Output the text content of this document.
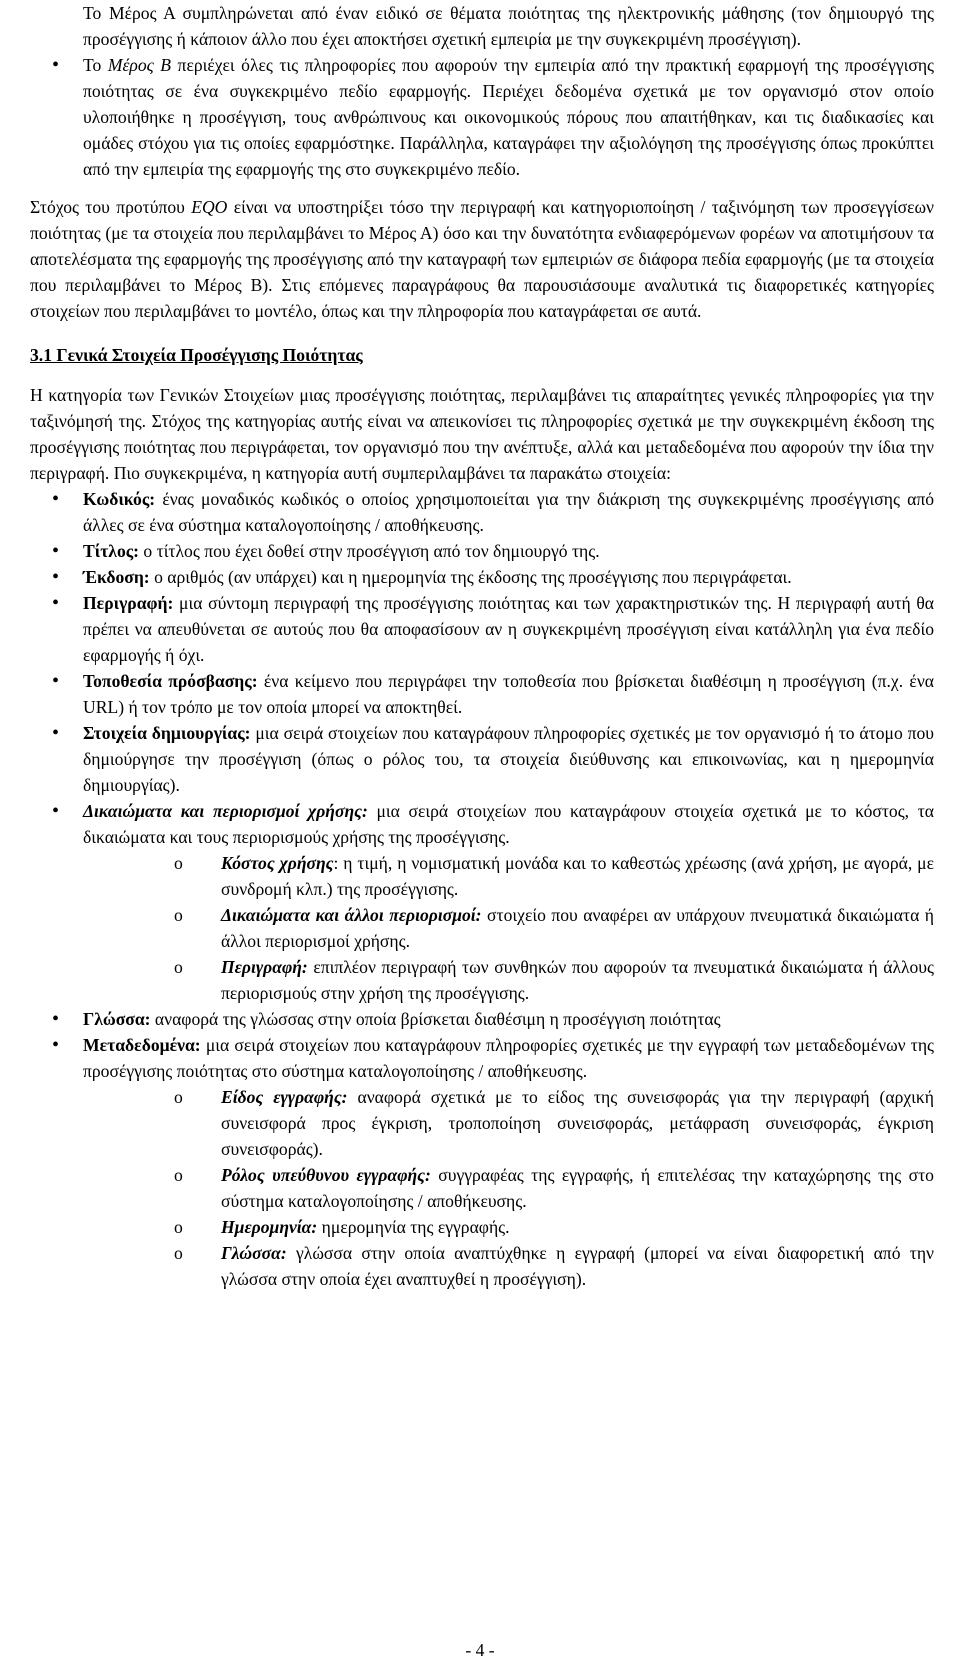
Το Μέρος Α συμπληρώνεται από έναν ειδικό σε θέματα ποιότητας της ηλεκτρονικής μάθησης (τον δημιουργό της προσέγγισης ή κάποιον άλλο που έχει αποκτήσει σχετική εμπειρία με την συγκεκριμένη προσέγγιση).

• Το Μέρος Β περιέχει όλες τις πληροφορίες που αφορούν την εμπειρία από την πρακτική εφαρμογή της προσέγγισης ποιότητας σε ένα συγκεκριμένο πεδίο εφαρμογής. Περιέχει δεδομένα σχετικά με τον οργανισμό στον οποίο υλοποιήθηκε η προσέγγιση, τους ανθρώπινους και οικονομικούς πόρους που απαιτήθηκαν, και τις διαδικασίες και ομάδες στόχου για τις οποίες εφαρμόστηκε. Παράλληλα, καταγράφει την αξιολόγηση της προσέγγισης όπως προκύπτει από την εμπειρία της εφαρμογής της στο συγκεκριμένο πεδίο.

Στόχος του προτύπου EQO είναι να υποστηρίξει τόσο την περιγραφή και κατηγοριοποίηση / ταξινόμηση των προσεγγίσεων ποιότητας (με τα στοιχεία που περιλαμβάνει το Μέρος Α) όσο και την δυνατότητα ενδιαφερόμενων φορέων να αποτιμήσουν τα αποτελέσματα της εφαρμογής της προσέγγισης από την καταγραφή των εμπειριών σε διάφορα πεδία εφαρμογής (με τα στοιχεία που περιλαμβάνει το Μέρος Β). Στις επόμενες παραγράφους θα παρουσιάσουμε αναλυτικά τις διαφορετικές κατηγορίες στοιχείων που περιλαμβάνει το μοντέλο, όπως και την πληροφορία που καταγράφεται σε αυτά.

3.1 Γενικά Στοιχεία Προσέγγισης Ποιότητας

Η κατηγορία των Γενικών Στοιχείων μιας προσέγγισης ποιότητας, περιλαμβάνει τις απαραίτητες γενικές πληροφορίες για την ταξινόμησή της. Στόχος της κατηγορίας αυτής είναι να απεικονίσει τις πληροφορίες σχετικά με την συγκεκριμένη έκδοση της προσέγγισης ποιότητας που περιγράφεται, τον οργανισμό που την ανέπτυξε, αλλά και μεταδεδομένα που αφορούν την ίδια την περιγραφή. Πιο συγκεκριμένα, η κατηγορία αυτή συμπεριλαμβάνει τα παρακάτω στοιχεία:

• Κωδικός: ένας μοναδικός κωδικός ο οποίος χρησιμοποιείται για την διάκριση της συγκεκριμένης προσέγγισης από άλλες σε ένα σύστημα καταλογοποίησης / αποθήκευσης.
• Τίτλος: ο τίτλος που έχει δοθεί στην προσέγγιση από τον δημιουργό της.
• Έκδοση: ο αριθμός (αν υπάρχει) και η ημερομηνία της έκδοσης της προσέγγισης που περιγράφεται.
• Περιγραφή: μια σύντομη περιγραφή της προσέγγισης ποιότητας και των χαρακτηριστικών της. Η περιγραφή αυτή θα πρέπει να απευθύνεται σε αυτούς που θα αποφασίσουν αν η συγκεκριμένη προσέγγιση είναι κατάλληλη για ένα πεδίο εφαρμογής ή όχι.
• Τοποθεσία πρόσβασης: ένα κείμενο που περιγράφει την τοποθεσία που βρίσκεται διαθέσιμη η προσέγγιση (π.χ. ένα URL) ή τον τρόπο με τον οποία μπορεί να αποκτηθεί.
• Στοιχεία δημιουργίας: μια σειρά στοιχείων που καταγράφουν πληροφορίες σχετικές με τον οργανισμό ή το άτομο που δημιούργησε την προσέγγιση (όπως ο ρόλος του, τα στοιχεία διεύθυνσης και επικοινωνίας, και η ημερομηνία δημιουργίας).
• Δικαιώματα και περιορισμοί χρήσης: μια σειρά στοιχείων που καταγράφουν στοιχεία σχετικά με το κόστος, τα δικαιώματα και τους περιορισμούς χρήσης της προσέγγισης.
o Κόστος χρήσης: η τιμή, η νομισματική μονάδα και το καθεστώς χρέωσης (ανά χρήση, με αγορά, με συνδρομή κλπ.) της προσέγγισης.
o Δικαιώματα και άλλοι περιορισμοί: στοιχείο που αναφέρει αν υπάρχουν πνευματικά δικαιώματα ή άλλοι περιορισμοί χρήσης.
o Περιγραφή: επιπλέον περιγραφή των συνθηκών που αφορούν τα πνευματικά δικαιώματα ή άλλους περιορισμούς στην χρήση της προσέγγισης.
• Γλώσσα: αναφορά της γλώσσας στην οποία βρίσκεται διαθέσιμη η προσέγγιση ποιότητας
• Μεταδεδομένα: μια σειρά στοιχείων που καταγράφουν πληροφορίες σχετικές με την εγγραφή των μεταδεδομένων της προσέγγισης ποιότητας στο σύστημα καταλογοποίησης / αποθήκευσης.
o Είδος εγγραφής: αναφορά σχετικά με το είδος της συνεισφοράς για την περιγραφή (αρχική συνεισφορά προς έγκριση, τροποποίηση συνεισφοράς, μετάφραση συνεισφοράς, έγκριση συνεισφοράς).
o Ρόλος υπεύθυνου εγγραφής: συγγραφέας της εγγραφής, ή επιτελέσας την καταχώρησης της στο σύστημα καταλογοποίησης / αποθήκευσης.
o Ημερομηνία: ημερομηνία της εγγραφής.
o Γλώσσα: γλώσσα στην οποία αναπτύχθηκε η εγγραφή (μπορεί να είναι διαφορετική από την γλώσσα στην οποία έχει αναπτυχθεί η προσέγγιση).
- 4 -
